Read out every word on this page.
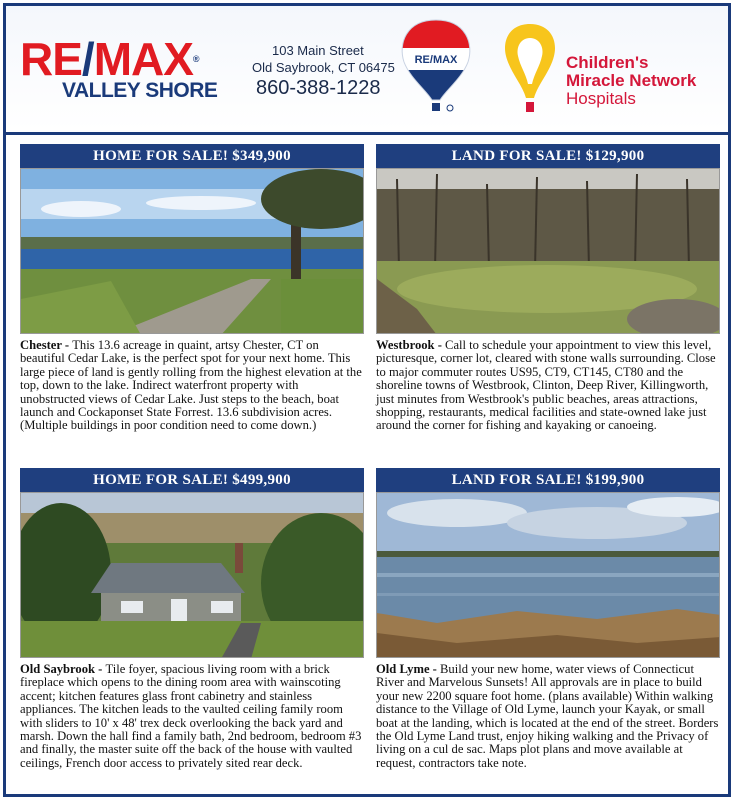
RE/MAX®
VALLEY SHORE
103 Main Street
Old Saybrook, CT 06475
860-388-1228
RE/MAX	Children's
Miracle Network
Hospitals
HOME FOR SALE! $349,900
Chester - This 13.6 acreage in quaint, artsy Chester, CT on beautiful Cedar Lake, is the perfect spot for your next home. This large piece of land is gently rolling from the highest elevation at the top, down to the lake. Indirect waterfront property with unobstructed views of Cedar Lake. Just steps to the beach, boat launch and Cockaponset State Forrest. 13.6 subdivision acres. (Multiple buildings in poor condition need to come down.)
LAND FOR SALE! $129,900
Westbrook - Call to schedule your appointment to view this level, picturesque, corner lot, cleared with stone walls surrounding. Close to major commuter routes US95, CT9, CT145, CT80 and the shoreline towns of Westbrook, Clinton, Deep River, Killingworth, just minutes from Westbrook's public beaches, areas attractions, shopping, restaurants, medical facilities and state-owned lake just around the corner for fishing and kayaking or canoeing.
HOME FOR SALE! $499,900
Old Saybrook - Tile foyer, spacious living room with a brick fireplace which opens to the dining room area with wainscoting accent; kitchen features glass front cabinetry and stainless appliances. The kitchen leads to the vaulted ceiling family room with sliders to 10' x 48' trex deck overlooking the back yard and marsh. Down the hall find a family bath, 2nd bedroom, bedroom #3 and finally, the master suite off the back of the house with vaulted ceilings, French door access to privately sited rear deck.
LAND FOR SALE! $199,900
Old Lyme - Build your new home, water views of Connecticut River and Marvelous Sunsets! All approvals are in place to build your new 2200 square foot home. (plans available) Within walking distance to the Village of Old Lyme, launch your Kayak, or small boat at the landing, which is located at the end of the street. Borders the Old Lyme Land trust, enjoy hiking walking and the Privacy of living on a cul de sac. Maps plot plans and move available at request, contractors take note.
